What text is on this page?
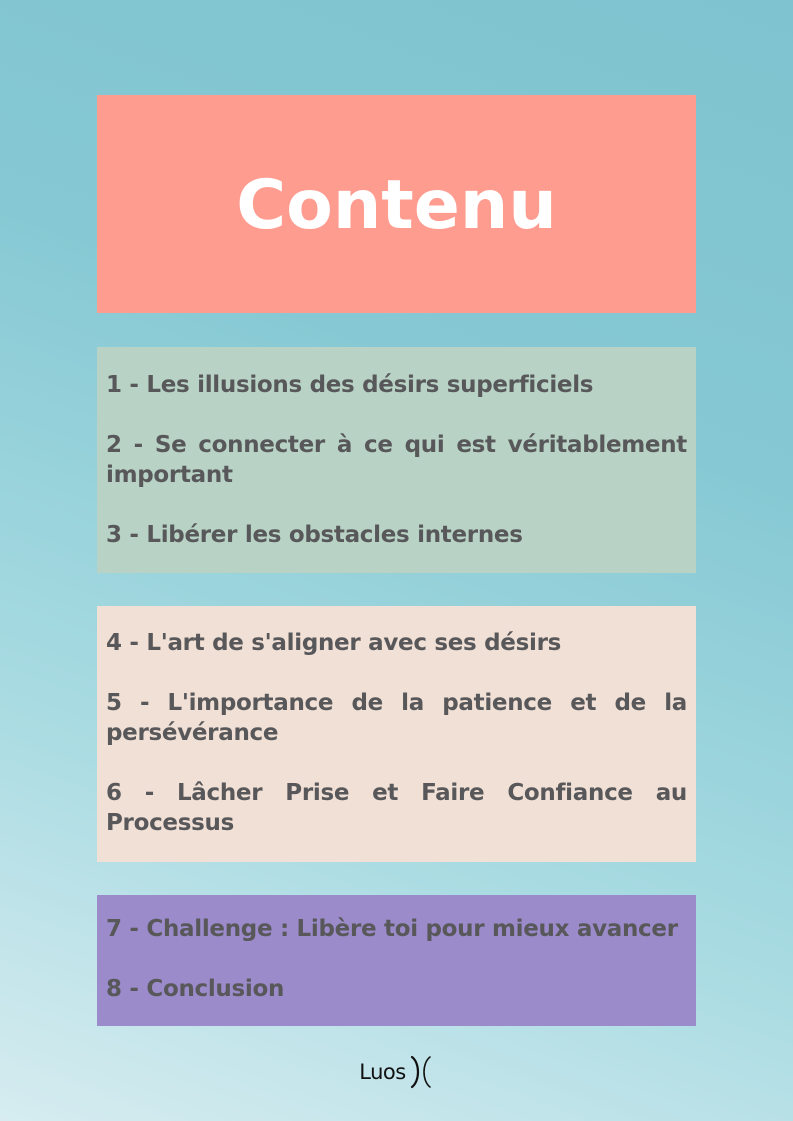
Contenu

1 - Les illusions des désirs superficiels

2 - Se connecter à ce qui est véritablement important

3 - Libérer les obstacles internes

4 - L'art de s'aligner avec ses désirs

5 - L'importance de la patience et de la persévérance

6 - Lâcher Prise et Faire Confiance au Processus

7 - Challenge : Libère toi pour mieux avancer

8 - Conclusion

Luos
